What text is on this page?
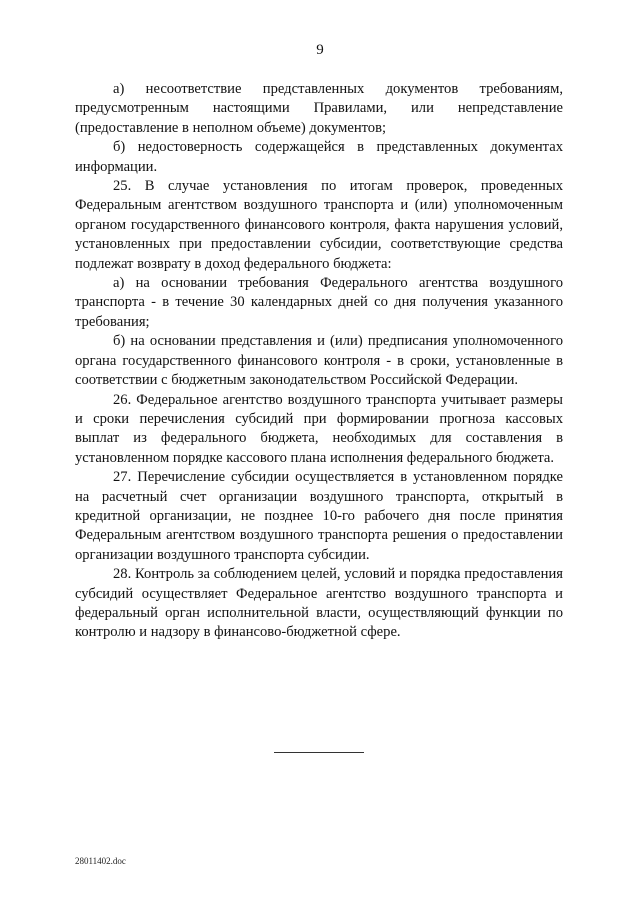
9

а) несоответствие представленных документов требованиям, предусмотренным настоящими Правилами, или непредставление (предоставление в неполном объеме) документов;

б) недостоверность содержащейся в представленных документах информации.

25. В случае установления по итогам проверок, проведенных Федеральным агентством воздушного транспорта и (или) уполномоченным органом государственного финансового контроля, факта нарушения условий, установленных при предоставлении субсидии, соответствующие средства подлежат возврату в доход федерального бюджета:

а) на основании требования Федерального агентства воздушного транспорта - в течение 30 календарных дней со дня получения указанного требования;

б) на основании представления и (или) предписания уполномоченного органа государственного финансового контроля - в сроки, установленные в соответствии с бюджетным законодательством Российской Федерации.

26. Федеральное агентство воздушного транспорта учитывает размеры и сроки перечисления субсидий при формировании прогноза кассовых выплат из федерального бюджета, необходимых для составления в установленном порядке кассового плана исполнения федерального бюджета.

27. Перечисление субсидии осуществляется в установленном порядке на расчетный счет организации воздушного транспорта, открытый в кредитной организации, не позднее 10-го рабочего дня после принятия Федеральным агентством воздушного транспорта решения о предоставлении организации воздушного транспорта субсидии.

28. Контроль за соблюдением целей, условий и порядка предоставления субсидий осуществляет Федеральное агентство воздушного транспорта и федеральный орган исполнительной власти, осуществляющий функции по контролю и надзору в финансово-бюджетной сфере.

28011402.doc
